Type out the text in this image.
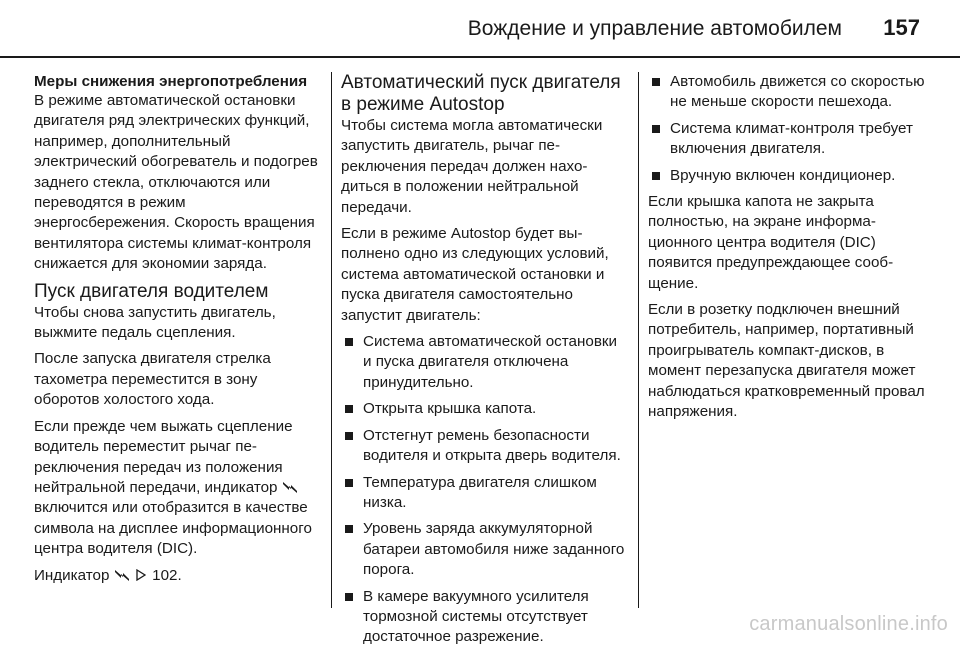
Вождение и управление автомобилем 157
Меры снижения энергопотребления

В режиме автоматической остановки двигателя ряд электрических функций, например, дополнительный электрический обогреватель и подогрев заднего стекла, отключаются или переводятся в режим энергосбережения. Скорость вращения вентилятора системы климат-контроля снижается для экономии заряда.

Пуск двигателя водителем

Чтобы снова запустить двигатель, выжмите педаль сцепления.

После запуска двигателя стрелка тахометра переместится в зону оборотов холостого хода.

Если прежде чем выжать сцепление водитель переместит рычаг переключения передач из положения нейтральной передачи, индикатор  включится или отобразится в качестве символа на дисплее информационного центра водителя (DIC).

Индикатор	102.

Автоматический пуск двигателя в режиме Autostop

Чтобы система могла автоматически запустить двигатель, рычаг переключения передач должен находиться в положении нейтральной передачи.

Если в режиме Autostop будет выполнено одно из следующих условий, система автоматической остановки и пуска двигателя самостоятельно запустит двигатель:

Система автоматической остановки и пуска двигателя отключена принудительно.
Открыта крышка капота.
Отстегнут ремень безопасности водителя и открыта дверь водителя.
Температура двигателя слишком низка.
Уровень заряда аккумуляторной батареи автомобиля ниже заданного порога.
В камере вакуумного усилителя тормозной системы отсутствует достаточное разрежение.
Автомобиль движется со скоростью не меньше скорости пешехода.
Система климат-контроля требует включения двигателя.
Вручную включен кондиционер.

Если крышка капота не закрыта полностью, на экране информационного центра водителя (DIC) появится предупреждающее сообщение.

Если в розетку подключен внешний потребитель, например, портативный проигрыватель компакт-дисков, в момент перезапуска двигателя может наблюдаться кратковременный провал напряжения.

carmanualsonline.info
